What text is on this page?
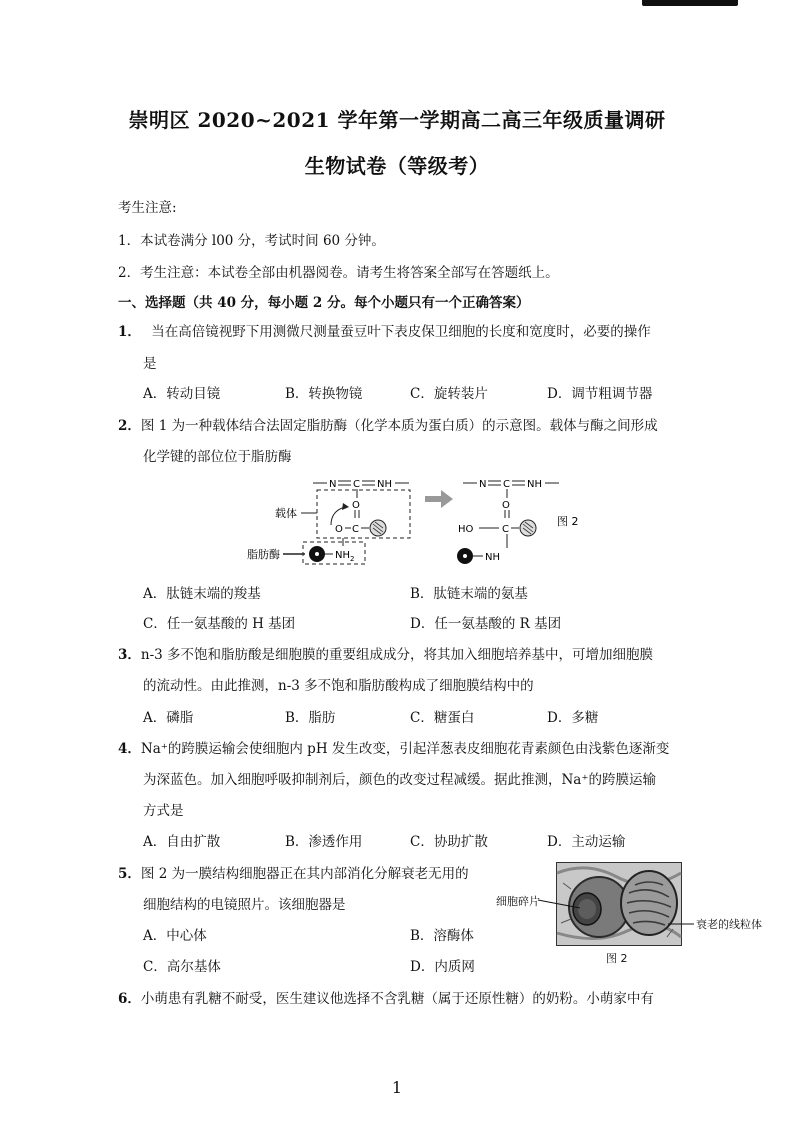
崇明区 2020~2021 学年第一学期高二高三年级质量调研
生物试卷（等级考）
考生注意:
1．本试卷满分 l00 分，考试时间 60 分钟。
2．考生注意：本试卷全部由机器阅卷。请考生将答案全部写在答题纸上。
一、选择题（共 40 分，每小题 2 分。每个小题只有一个正确答案）
1． 当在高倍镜视野下用测微尺测量蚕豆叶下表皮保卫细胞的长度和宽度时，必要的操作
是
A．转动目镜	B．转换物镜	C．旋转装片	D．调节粗调节器
2．图 1 为一种载体结合法固定脂肪酶（化学本质为蛋白质）的示意图。载体与酶之间形成
化学键的部位位于脂肪酶
N C NH
O
O C
载体
脂肪酶	$NH_2$
N C NH
O
HO	C
NH
图 2
A．肽链末端的羧基	B．肽链末端的氨基
C．任一氨基酸的 H 基团	D．任一氨基酸的 R 基团
3．n-3 多不饱和脂肪酸是细胞膜的重要组成成分，将其加入细胞培养基中，可增加细胞膜
的流动性。由此推测，n-3 多不饱和脂肪酸构成了细胞膜结构中的
A．磷脂	B．脂肪	C．糖蛋白	D．多糖
4．Na⁺的跨膜运输会使细胞内 pH 发生改变，引起洋葱表皮细胞花青素颜色由浅紫色逐渐变
为深蓝色。加入细胞呼吸抑制剂后，颜色的改变过程减缓。据此推测，Na⁺的跨膜运输
方式是
A．自由扩散	B．渗透作用	C．协助扩散	D．主动运输
5．图 2 为一膜结构细胞器正在其内部消化分解衰老无用的
细胞结构的电镜照片。该细胞器是
A．中心体	B．溶酶体
C．高尔基体	D．内质网
细胞碎片
衰老的线粒体
图 2
6．小萌患有乳糖不耐受，医生建议他选择不含乳糖（属于还原性糖）的奶粉。小萌家中有
1
